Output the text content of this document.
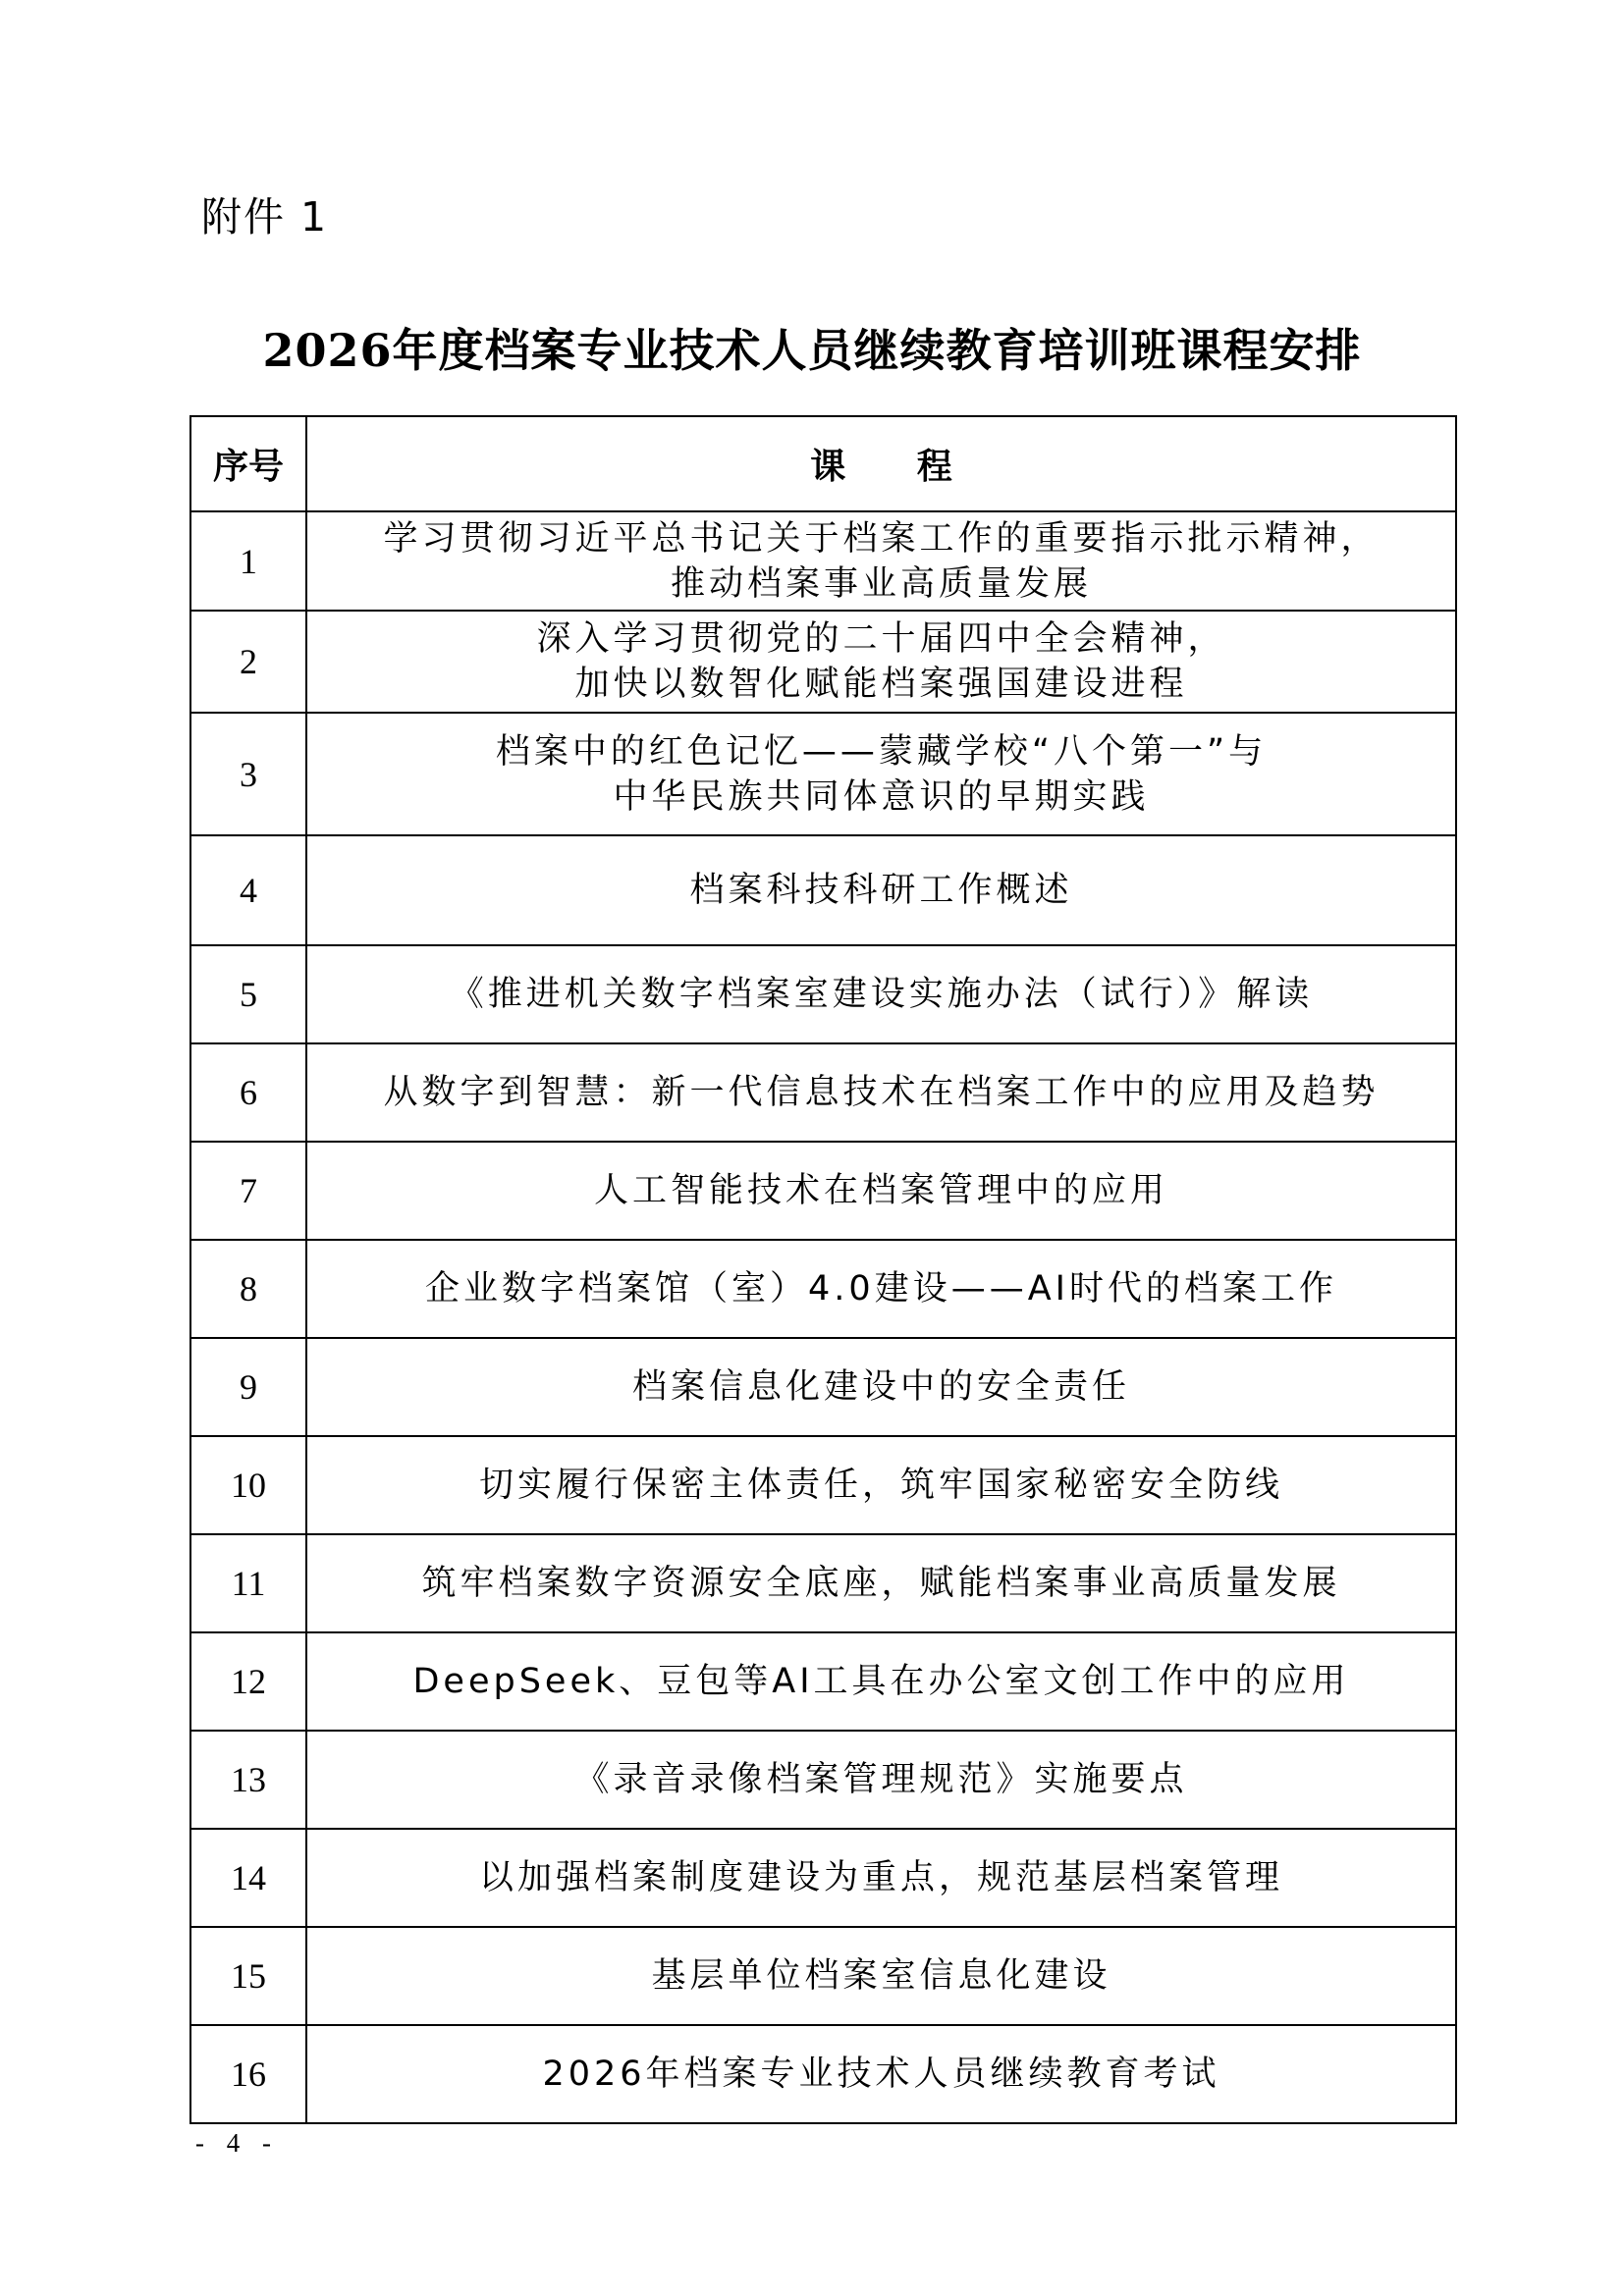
附件 1
2026年度档案专业技术人员继续教育培训班课程安排
序号	课 程
1	学习贯彻习近平总书记关于档案工作的重要指示批示精神，
推动档案事业高质量发展

2	深入学习贯彻党的二十届四中全会精神，
加快以数智化赋能档案强国建设进程

3	档案中的红色记忆——蒙藏学校“八个第一”与
中华民族共同体意识的早期实践

4	档案科技科研工作概述

5	《推进机关数字档案室建设实施办法（试行）》解读

6	从数字到智慧：新一代信息技术在档案工作中的应用及趋势

7	人工智能技术在档案管理中的应用

8	企业数字档案馆（室）4.0建设——AI时代的档案工作

9	档案信息化建设中的安全责任

10	切实履行保密主体责任，筑牢国家秘密安全防线

11	筑牢档案数字资源安全底座，赋能档案事业高质量发展

12	DeepSeek、豆包等AI工具在办公室文创工作中的应用

13	《录音录像档案管理规范》实施要点

14	以加强档案制度建设为重点，规范基层档案管理

15	基层单位档案室信息化建设

16	2026年档案专业技术人员继续教育考试
- 4 -
